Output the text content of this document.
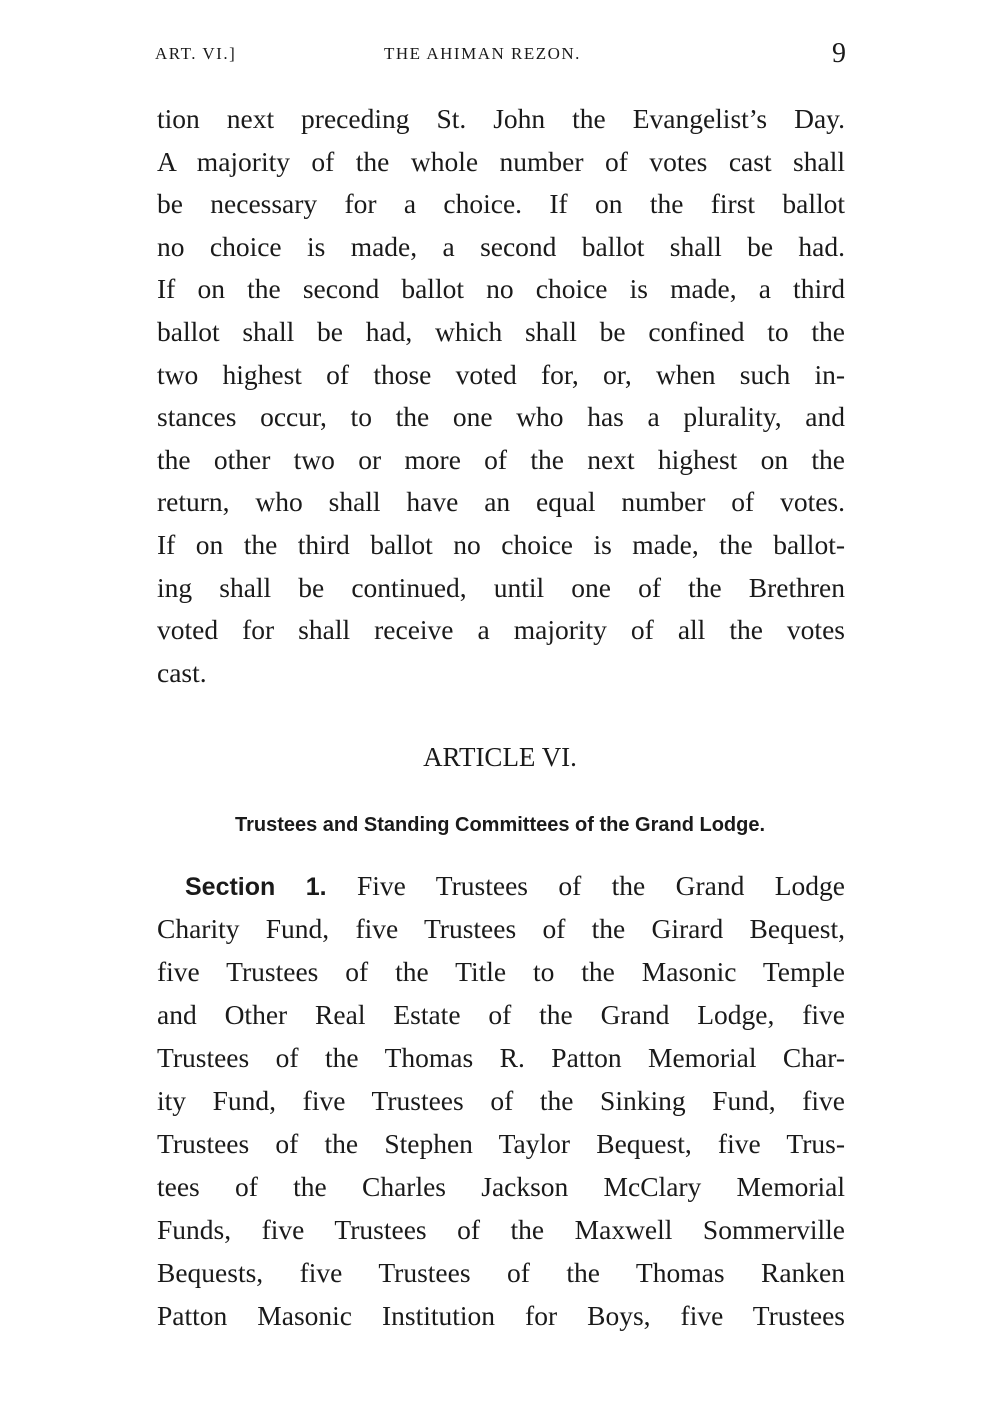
ART. VI.]	THE AHIMAN REZON.	9
tion next preceding St. John the Evangelist’s Day.
A majority of the whole number of votes cast shall
be necessary for a choice. If on the first ballot
no choice is made, a second ballot shall be had.
If on the second ballot no choice is made, a third
ballot shall be had, which shall be confined to the
two highest of those voted for, or, when such in-
stances occur, to the one who has a plurality, and
the other two or more of the next highest on the
return, who shall have an equal number of votes.
If on the third ballot no choice is made, the ballot-
ing shall be continued, until one of the Brethren
voted for shall receive a majority of all the votes
cast.
ARTICLE VI.
Trustees and Standing Committees of the Grand Lodge.
Section 1. Five Trustees of the Grand Lodge
Charity Fund, five Trustees of the Girard Bequest,
five Trustees of the Title to the Masonic Temple
and Other Real Estate of the Grand Lodge, five
Trustees of the Thomas R. Patton Memorial Char-
ity Fund, five Trustees of the Sinking Fund, five
Trustees of the Stephen Taylor Bequest, five Trus-
tees of the Charles Jackson McClary Memorial
Funds, five Trustees of the Maxwell Sommerville
Bequests, five Trustees of the Thomas Ranken
Patton Masonic Institution for Boys, five Trustees
